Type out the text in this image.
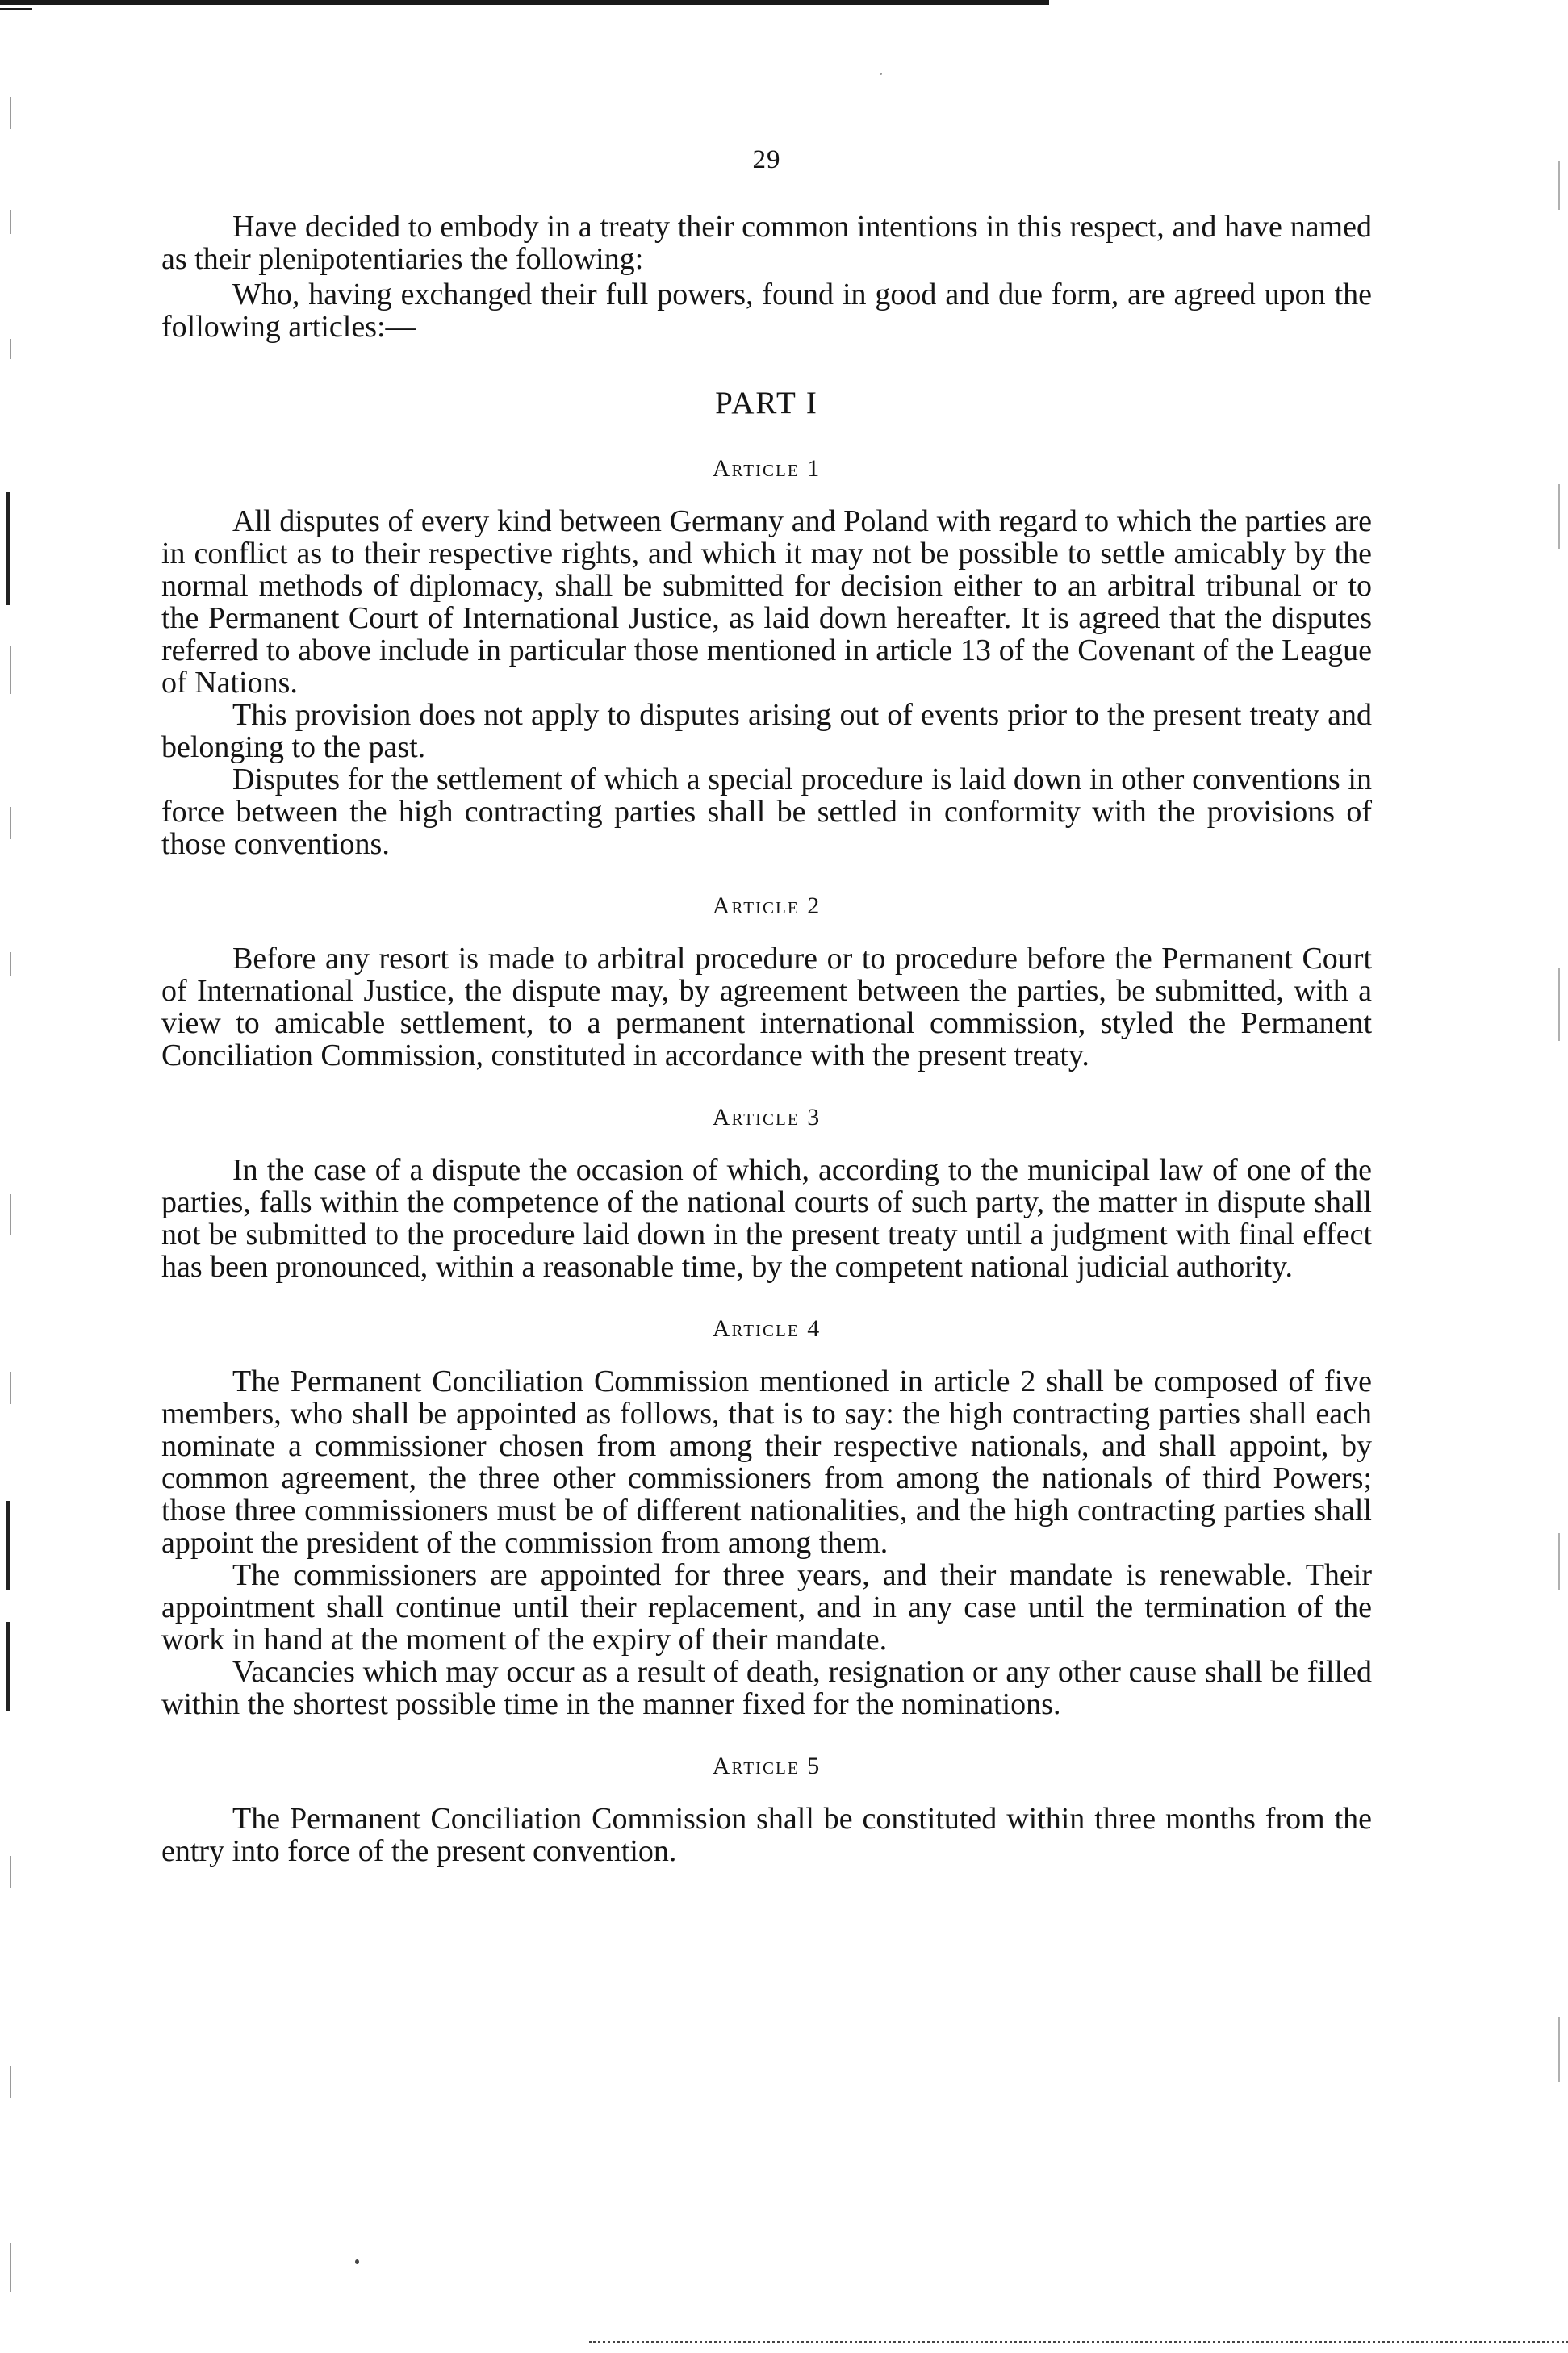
29

Have decided to embody in a treaty their common intentions in this respect, and have named as their plenipotentiaries the following:

Who, having exchanged their full powers, found in good and due form, are agreed upon the following articles:—

PART I
Article 1

All disputes of every kind between Germany and Poland with regard to which the parties are in conflict as to their respective rights, and which it may not be possible to settle amicably by the normal methods of diplomacy, shall be submitted for decision either to an arbitral tribunal or to the Permanent Court of International Justice, as laid down hereafter. It is agreed that the disputes referred to above include in particular those mentioned in article 13 of the Covenant of the League of Nations.

This provision does not apply to disputes arising out of events prior to the present treaty and belonging to the past.

Disputes for the settlement of which a special procedure is laid down in other conventions in force between the high contracting parties shall be settled in conformity with the provisions of those conventions.

Article 2

Before any resort is made to arbitral procedure or to procedure before the Permanent Court of International Justice, the dispute may, by agreement between the parties, be submitted, with a view to amicable settlement, to a permanent international commission, styled the Permanent Conciliation Commission, constituted in accordance with the present treaty.

Article 3

In the case of a dispute the occasion of which, according to the municipal law of one of the parties, falls within the competence of the national courts of such party, the matter in dispute shall not be submitted to the procedure laid down in the present treaty until a judgment with final effect has been pronounced, within a reasonable time, by the competent national judicial authority.

Article 4

The Permanent Conciliation Commission mentioned in article 2 shall be composed of five members, who shall be appointed as follows, that is to say: the high contracting parties shall each nominate a commissioner chosen from among their respective nationals, and shall appoint, by common agreement, the three other commissioners from among the nationals of third Powers; those three commissioners must be of different nationalities, and the high contracting parties shall appoint the president of the commission from among them.

The commissioners are appointed for three years, and their mandate is renewable. Their appointment shall continue until their replacement, and in any case until the termination of the work in hand at the moment of the expiry of their mandate.

Vacancies which may occur as a result of death, resignation or any other cause shall be filled within the shortest possible time in the manner fixed for the nominations.

Article 5

The Permanent Conciliation Commission shall be constituted within three months from the entry into force of the present convention.
